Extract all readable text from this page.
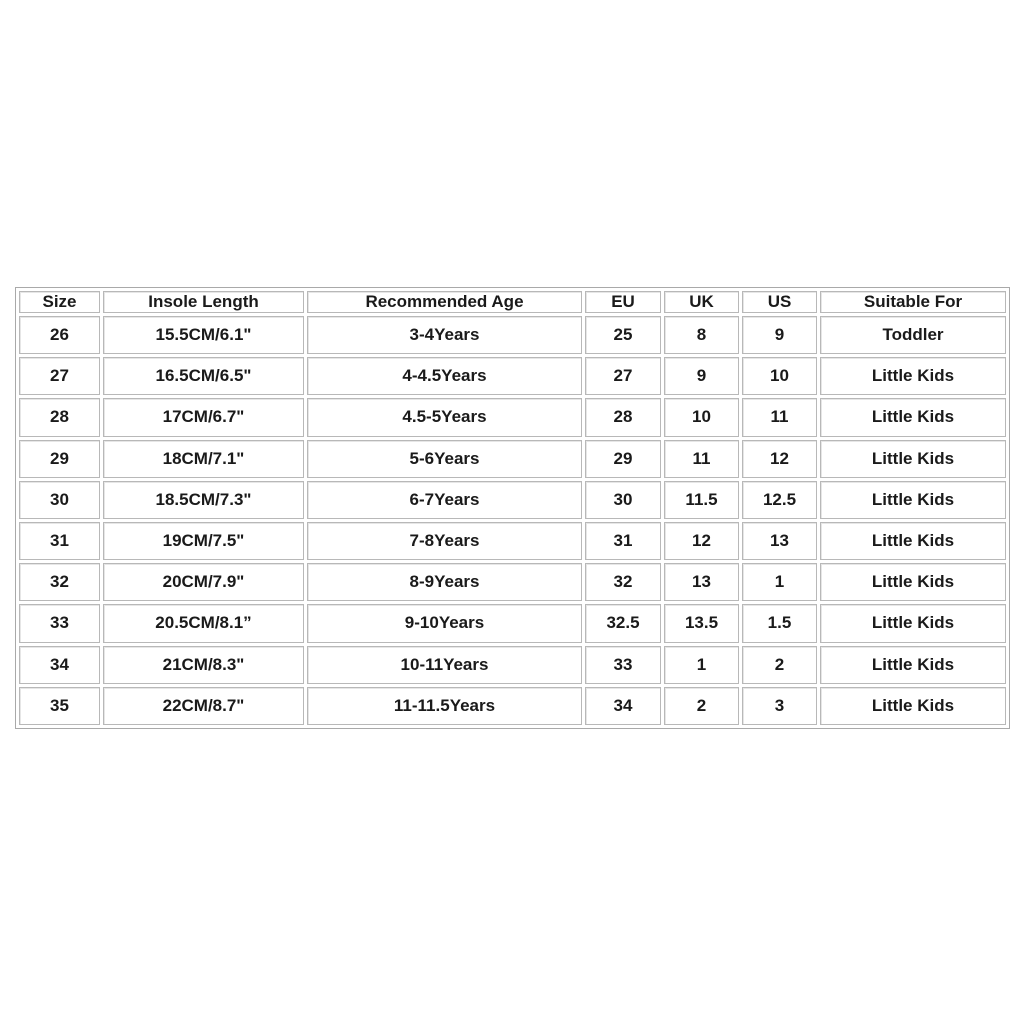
Size	Insole Length	Recommended Age	EU	UK	US	Suitable For
26	15.5CM/6.1"	3-4Years	25	8	9	Toddler
27	16.5CM/6.5"	4-4.5Years	27	9	10	Little Kids
28	17CM/6.7"	4.5-5Years	28	10	11	Little Kids
29	18CM/7.1"	5-6Years	29	11	12	Little Kids
30	18.5CM/7.3"	6-7Years	30	11.5	12.5	Little Kids
31	19CM/7.5"	7-8Years	31	12	13	Little Kids
32	20CM/7.9"	8-9Years	32	13	1	Little Kids
33	20.5CM/8.1”	9-10Years	32.5	13.5	1.5	Little Kids
34	21CM/8.3"	10-11Years	33	1	2	Little Kids
35	22CM/8.7"	11-11.5Years	34	2	3	Little Kids
